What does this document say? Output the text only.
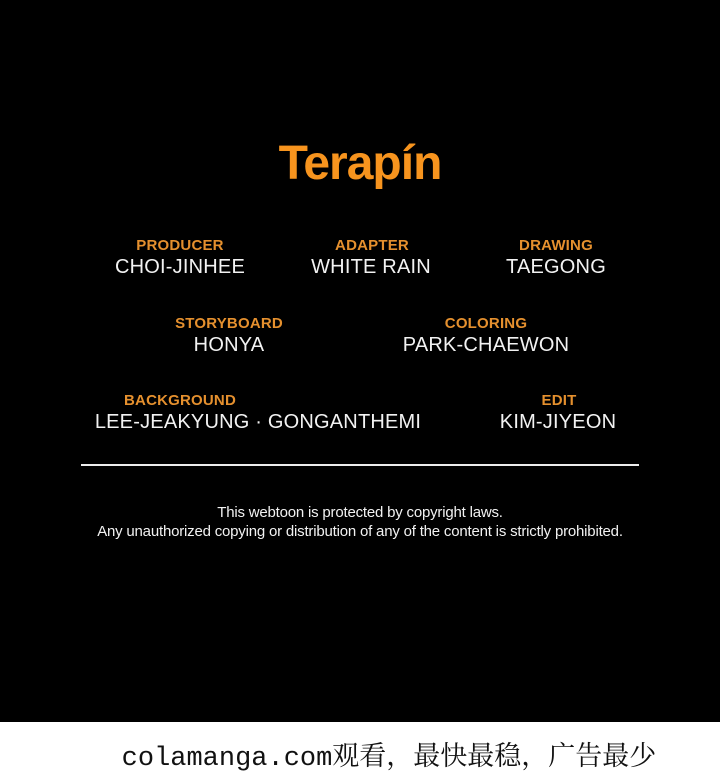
Terapín
PRODUCER
CHOI-JINHEE
ADAPTER
WHITE RAIN
DRAWING
TAEGONG
STORYBOARD
HONYA
COLORING
PARK-CHAEWON
BACKGROUND
LEE-JEAKYUNG · GONGANTHEMI
EDIT
KIM-JIYEON
This webtoon is protected by copyright laws.
Any unauthorized copying or distribution of any of the content is strictly prohibited.
colamanga.com观看，最快最稳，广告最少
